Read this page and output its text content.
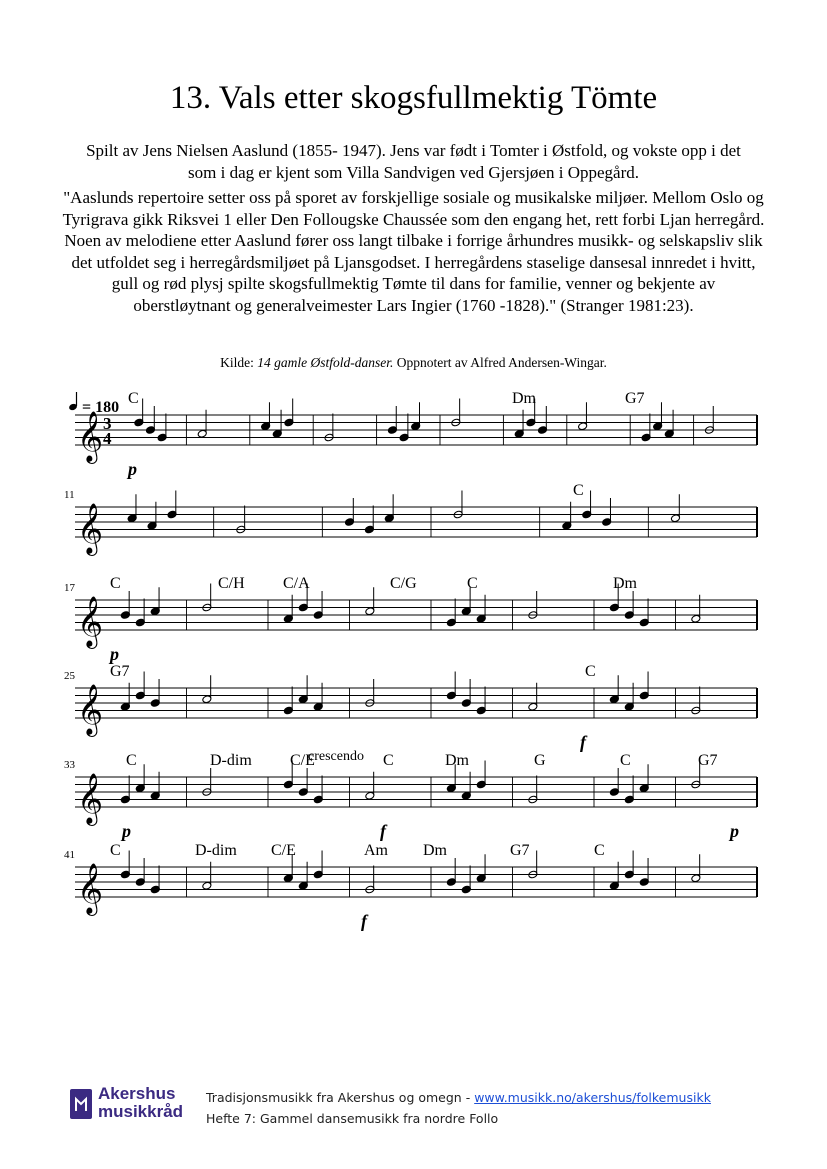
13. Vals etter skogsfullmektig Tömte

Spilt av Jens Nielsen Aaslund (1855- 1947). Jens var født i Tomter i Østfold, og vokste opp i det som i dag er kjent som Villa Sandvigen ved Gjersjøen i Oppegård.

"Aaslunds repertoire setter oss på sporet av forskjellige sosiale og musikalske miljøer. Mellom Oslo og Tyrigrava gikk Riksvei 1 eller Den Follougske Chaussée som den engang het, rett forbi Ljan herregård. Noen av melodiene etter Aaslund fører oss langt tilbake i forrige århundres musikk- og selskapsliv slik det utfoldet seg i herregårdsmiljøet på Ljansgodset. I herregårdens staselige dansesal innredet i hvitt, gull og rød plysj spilte skogsfullmektig Tømte til dans for familie, venner og bekjente av oberstløytnant og generalveimester Lars Ingier (1760 -1828)." (Stranger 1981:23).

Kilde: 14 gamle Østfold-danser. Oppnotert av Alfred Andersen-Wingar.

= 180
𝄞 3
4
C	Dm	G7
p
𝄞
11	C
𝄞
17 C	C/H C/A	C/G	C	Dm
p
𝄞
25 G7	C
f
crescendo
𝄞
33	C	D-dim C/E	C	Dm	G	C	G7
p	f	p
𝄞
41 C	D-dim C/E	Am Dm	G7	C
f
Akershus
musikkråd
Tradisjonsmusikk fra Akershus og omegn - www.musikk.no/akershus/folkemusikk
Hefte 7: Gammel dansemusikk fra nordre Follo
